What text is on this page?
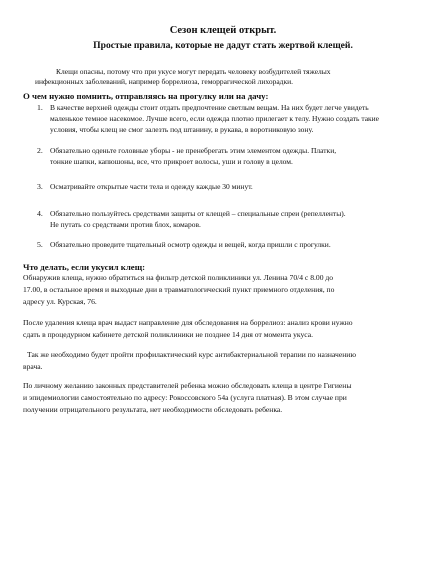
Сезон клещей открыт.
Простые правила, которые не дадут стать жертвой клещей.
Клещи опасны, потому что при укусе могут передать человеку возбудителей тяжелых
инфекционных заболеваний, например боррелиоза, геморрагической лихорадки.
О чем нужно помнить, отправляясь на прогулку или на дачу:
1. В качестве верхней одежды стоит отдать предпочтение светлым вещам. На них будет легче увидеть
маленькое темное насекомое. Лучше всего, если одежда плотно прилегает к телу. Нужно создать такие
условия, чтобы клещ не смог залезть под штанину, в рукава, в воротниковую зону.
2. Обязательно оденьте головные уборы - не пренебрегать этим элементом одежды. Платки,
тонкие шапки, капюшоны, все, что прикроет волосы, уши и голову в целом.
3. Осматривайте открытые части тела и одежду каждые 30 минут.
4. Обязательно пользуйтесь средствами защиты от клещей – специальные спреи (репелленты).
Не путать со средствами против блох, комаров.
5. Обязательно проведите тщательный осмотр одежды и вещей, когда пришли с прогулки.
Что делать, если укусил клещ:
Обнаружив клеща, нужно обратиться на фильтр детской поликлиники ул. Ленина 70/4 с 8.00 до
17.00, в остальное время и выходные дни в травматологический пункт приемного отделения, по
адресу ул. Курская, 76.
После удаления клеща врач выдаст направление для обследования на боррелиоз: анализ крови нужно
сдать в процедурном кабинете детской поликлиники не позднее 14 дня от момента укуса.
Так же необходимо будет пройти профилактический курс антибактериальной терапии по назначению
врача.
По личному желанию законных представителей ребенка можно обследовать клеща в центре Гигиены
и эпидемиологии самостоятельно по адресу: Рокоссовского 54а (услуга платная). В этом случае при
получении отрицательного результата, нет необходимости обследовать ребенка.
